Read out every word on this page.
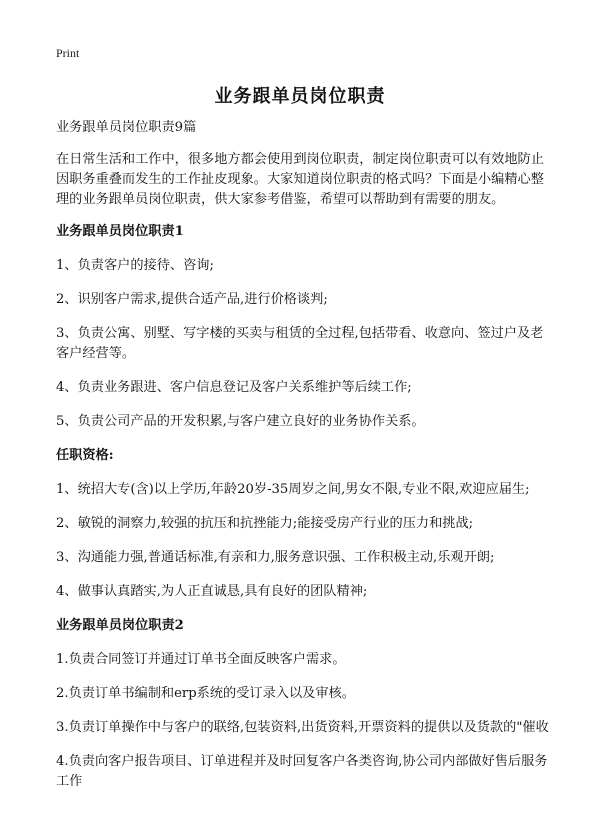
Print
业务跟单员岗位职责

业务跟单员岗位职责9篇

在日常生活和工作中，很多地方都会使用到岗位职责，制定岗位职责可以有效地防止因职务重叠而发生的工作扯皮现象。大家知道岗位职责的格式吗？下面是小编精心整理的业务跟单员岗位职责，供大家参考借鉴，希望可以帮助到有需要的朋友。

业务跟单员岗位职责1

1、负责客户的接待、咨询;

2、识别客户需求,提供合适产品,进行价格谈判;

3、负责公寓、别墅、写字楼的买卖与租赁的全过程,包括带看、收意向、签过户及老客户经营等。

4、负责业务跟进、客户信息登记及客户关系维护等后续工作;

5、负责公司产品的开发积累,与客户建立良好的业务协作关系。

任职资格:

1、统招大专(含)以上学历,年龄20岁-35周岁之间,男女不限,专业不限,欢迎应届生;

2、敏锐的洞察力,较强的抗压和抗挫能力;能接受房产行业的压力和挑战;

3、沟通能力强,普通话标准,有亲和力,服务意识强、工作积极主动,乐观开朗;

4、做事认真踏实,为人正直诚恳,具有良好的团队精神;

业务跟单员岗位职责2

1.负责合同签订并通过订单书全面反映客户需求。

2.负责订单书编制和erp系统的受订录入以及审核。

3.负责订单操作中与客户的联络,包装资料,出货资料,开票资料的提供以及货款的"催收

4.负责向客户报告项目、订单进程并及时回复客户各类咨询,协公司内部做好售后服务工作
